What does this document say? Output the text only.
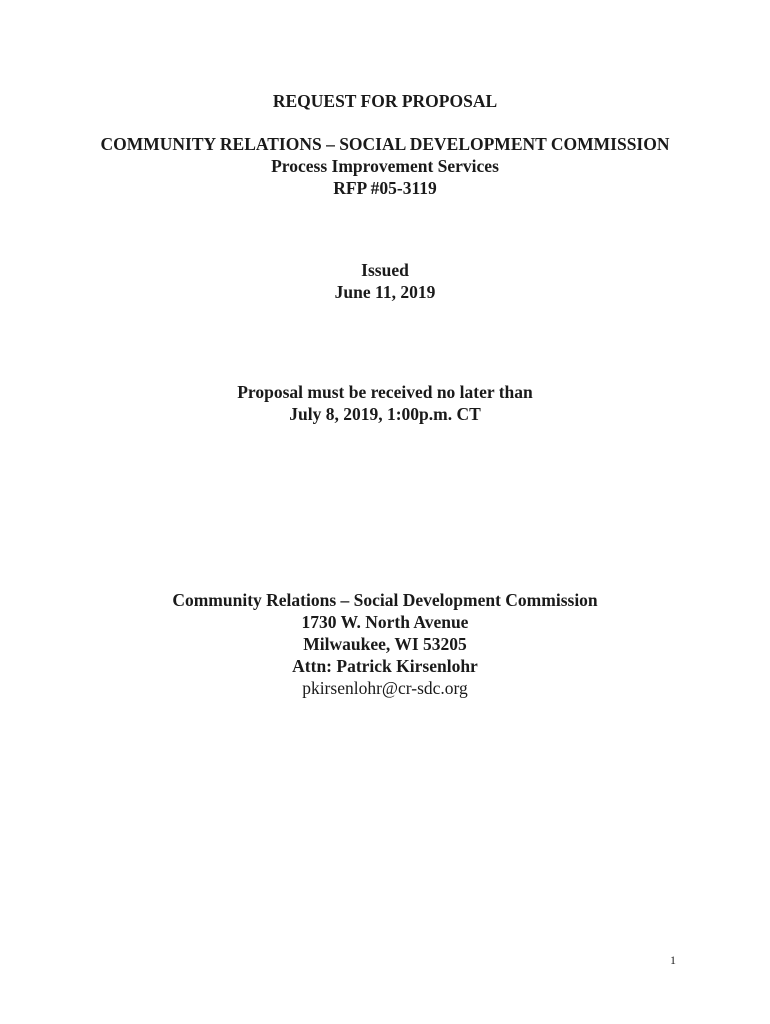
REQUEST FOR PROPOSAL
COMMUNITY RELATIONS – SOCIAL DEVELOPMENT COMMISSION
Process Improvement Services
RFP #05-3119
Issued
June 11, 2019
Proposal must be received no later than
July 8, 2019, 1:00p.m. CT
Community Relations – Social Development Commission
1730 W. North Avenue
Milwaukee, WI 53205
Attn: Patrick Kirsenlohr
pkirsenlohr@cr-sdc.org
1
